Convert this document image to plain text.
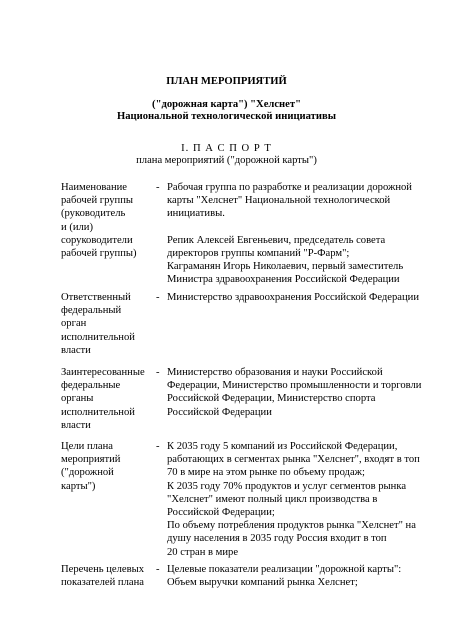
ПЛАН МЕРОПРИЯТИЙ
("дорожная карта") "Хелснет"
Национальной технологической инициативы
I. П А С П О Р Т
плана мероприятий ("дорожной карты")
Наименование
рабочей группы
(руководитель
и (или)
соруководители
рабочей группы)
- Рабочая группа по разработке и реализации дорожной
карты "Хелснет" Национальной технологической
инициативы.
Репик Алексей Евгеньевич, председатель совета
директоров группы компаний "Р-Фарм";
Каграманян Игорь Николаевич, первый заместитель
Министра здравоохранения Российской Федерации
Ответственный
федеральный
орган
исполнительной
власти
- Министерство здравоохранения Российской Федерации
Заинтересованные
федеральные
органы
исполнительной
власти
- Министерство образования и науки Российской
Федерации, Министерство промышленности и торговли
Российской Федерации, Министерство спорта
Российской Федерации
Цели плана
мероприятий
("дорожной
карты")
- К 2035 году 5 компаний из Российской Федерации,
работающих в сегментах рынка "Хелснет", входят в топ
70 в мире на этом рынке по объему продаж;
К 2035 году 70% продуктов и услуг сегментов рынка
"Хелснет" имеют полный цикл производства в
Российской Федерации;
По объему потребления продуктов рынка "Хелснет" на
душу населения в 2035 году Россия входит в топ
20 стран в мире
Перечень целевых
показателей плана
- Целевые показатели реализации "дорожной карты":
Объем выручки компаний рынка Хелснет;
